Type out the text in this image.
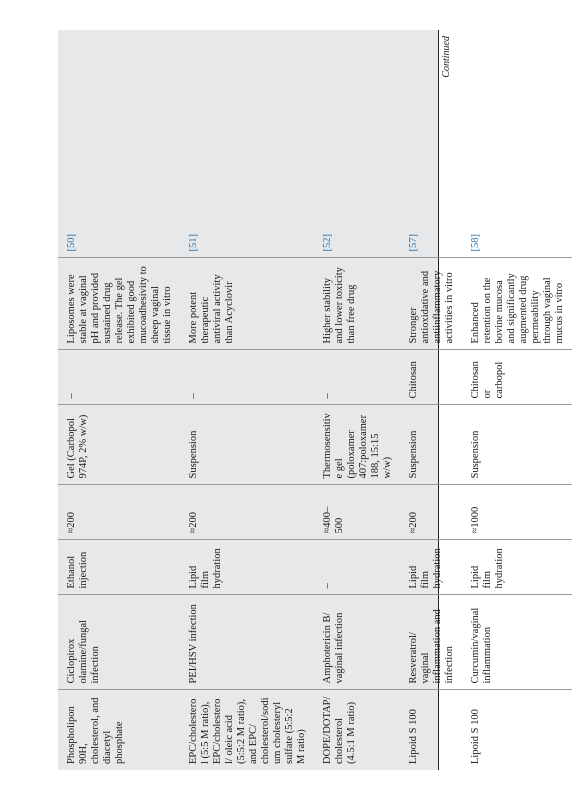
Phospholipon 90H, cholesterol, and diacetyl phosphate	Ciclopirox olamine/fungal infection	Ethanol injection	≈200	Gel (Carbopol 974P, 2% w/w)	–	Liposomes were stable at vaginal pH and provided sustained drug release. The gel exhibited good mucoadhesivity to sheep vaginal tissue in vitro	[50]
EPC/cholesterol (5:5 M ratio), EPC/cholesterol/ oleic acid (5:5:2 M ratio), and EPC/ cholesterol/sodium cholesteryl sulfate (5:5:2 M ratio)	PEI/HSV infection	Lipid film hydration	≈200	Suspension	–	More potent therapeutic antiviral activity than Acyclovir	[51]
DOPE/DOTAP/ cholesterol (4.5:1 M ratio)	Amphotericin B/ vaginal infection	–	≈400–500	Thermosensitive gel (poloxamer 407:poloxamer 188, 15:15 w/w)	–	Higher stability and lower toxicity than free drug	[52]
Lipoid S 100	Resveratrol/ vaginal inflammation and infection	Lipid film hydration	≈200	Suspension	Chitosan	Stronger antioxidative and antiinflammatory activities in vitro	[57]
Lipoid S 100	Curcumin/vaginal inflammation	Lipid film hydration	≈1000	Suspension	Chitosan or carbopol	Enhanced retention on the bovine mucosa and significantly augmented drug permeability through vaginal mucus in vitro	[58]
Continued
